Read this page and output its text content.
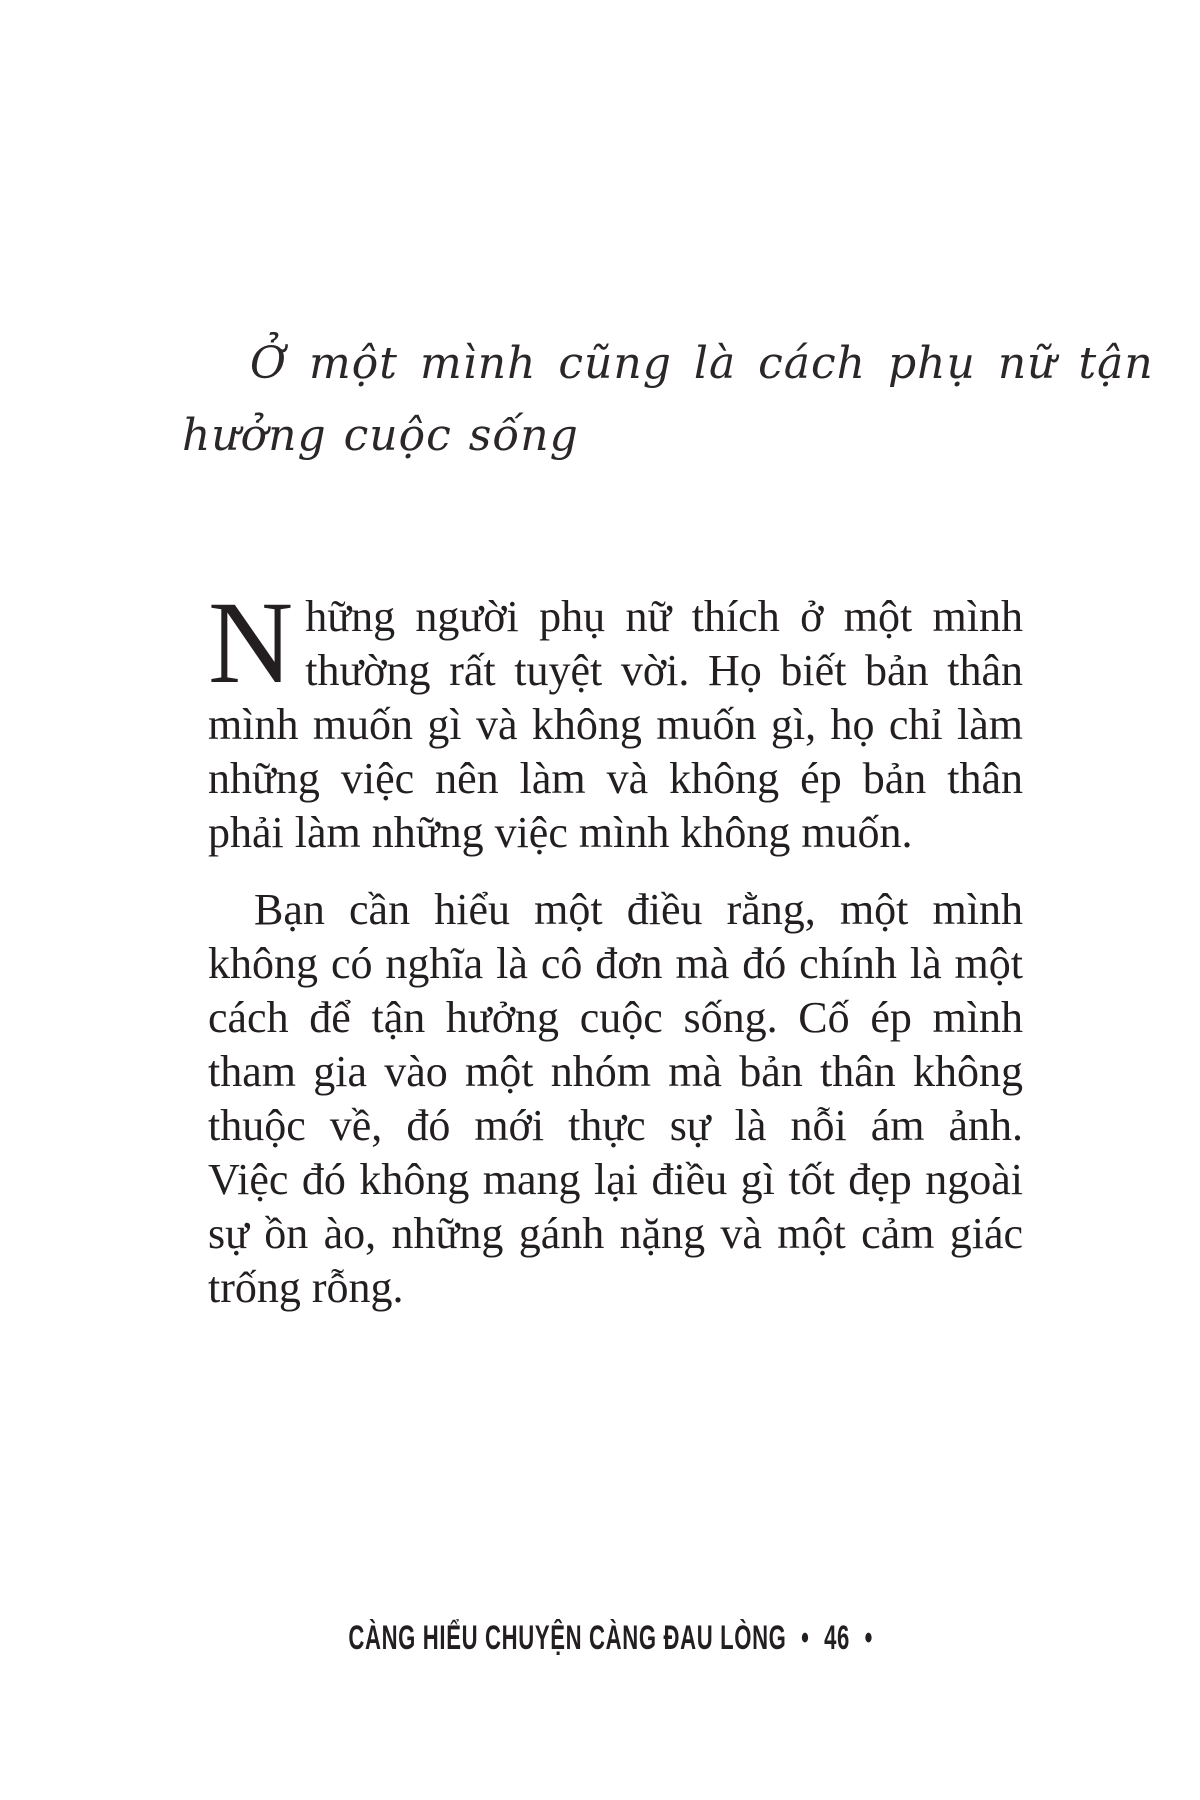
Ở một mình cũng là cách phụ nữ tận
hưởng cuộc sống
N hững người phụ nữ thích ở một mình
thường rất tuyệt vời. Họ biết bản thân
mình muốn gì và không muốn gì, họ chỉ làm
những việc nên làm và không ép bản thân
phải làm những việc mình không muốn.
Bạn cần hiểu một điều rằng, một mình
không có nghĩa là cô đơn mà đó chính là một
cách để tận hưởng cuộc sống. Cố ép mình
tham gia vào một nhóm mà bản thân không
thuộc về, đó mới thực sự là nỗi ám ảnh.
Việc đó không mang lại điều gì tốt đẹp ngoài
sự ồn ào, những gánh nặng và một cảm giác
trống rỗng.
CÀNG HIỂU CHUYỆN CÀNG ĐAU LÒNG • 46 •
